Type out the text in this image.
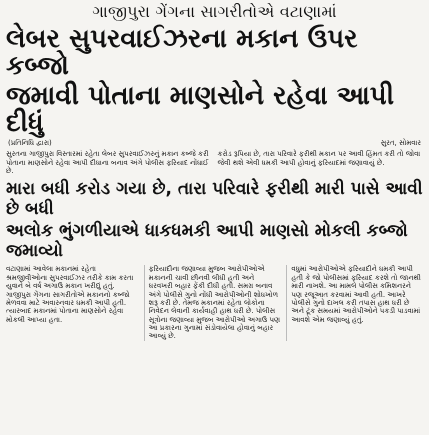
ગાજીપુરા ગેંગના સાગરીતોએ વટાણામાં
લેબર સુપરવાઈઝરના મકાન ઉપર કબ્જો
જમાવી પોતાના માણસોને રહેવા આપી દીધું
(પ્રતિનિધિ દ્વારા)	સુરત, સોમવાર
સુરતના ગાજીપુરા વિસ્તારમાં રહેતા લેબર સુપરવાઈઝરનું મકાન કબ્જે કરી પોતાના માણસોને રહેવા આપી દીધાના બનાવ અંગે પોલીસ ફરિયાદ નોંધાઈ છે.
કરોડ રૂપિયા છે, તારા પરિવારે ફરીથી મકાન પર આવી હિંમત કરી તો જોવા જેવી થશે એવી ધમકી આપી હોવાનું ફરિયાદમાં જણાવાયું છે.
મારા બધી કરોડ ગયા છે, તારા પરિવારે ફરીથી મારી પાસે આવી છે બધી
અલોક ભુંગળીયાએ ધાકધમકી આપી માણસો મોકલી કબ્જો જમાવ્યો

વટાણામાં આવેલા મકાનમાં રહેતા શ્રમજીવીઓના સુપરવાઈઝર તરીકે કામ કરતા યુવાને બે વર્ષ અગાઉ મકાન ખરીદ્યું હતું. ગાજીપુરા ગેંગના સાગરીતોએ મકાનનો કબ્જો મેળવવા માટે અવારનવાર ધમકી આપી હતી. ત્યારબાદ મકાનમાં પોતાના માણસોને રહેવા મોકલી આપ્યા હતા.

ફરિયાદીના જણાવ્યા મુજબ આરોપીઓએ મકાનની ચાવી છીનવી લીધી હતી અને ઘરવખરી બહાર ફેંકી દીધી હતી. સમગ્ર બનાવ અંગે પોલીસે ગુનો નોંધી આરોપીઓની શોધખોળ શરૂ કરી છે. તેમજ મકાનમાં રહેતા લોકોના નિવેદન લેવાની કાર્યવાહી હાથ ધરી છે. પોલીસ સૂત્રોના જણાવ્યા મુજબ આરોપીઓ અગાઉ પણ આ પ્રકારના ગુનામાં સંડોવાયેલા હોવાનું બહાર આવ્યું છે.

વધુમાં આરોપીઓએ ફરિયાદીને ધમકી આપી હતી કે જો પોલીસમાં ફરિયાદ કરશે તો જાનથી મારી નાખશે. આ મામલે પોલીસ કમિશનરને પણ રજૂઆત કરવામાં આવી હતી. આખરે પોલીસે ગુનો દાખલ કરી તપાસ હાથ ધરી છે અને ટૂંક સમયમાં આરોપીઓને પકડી પાડવામાં આવશે એમ જણાવ્યું હતું.
